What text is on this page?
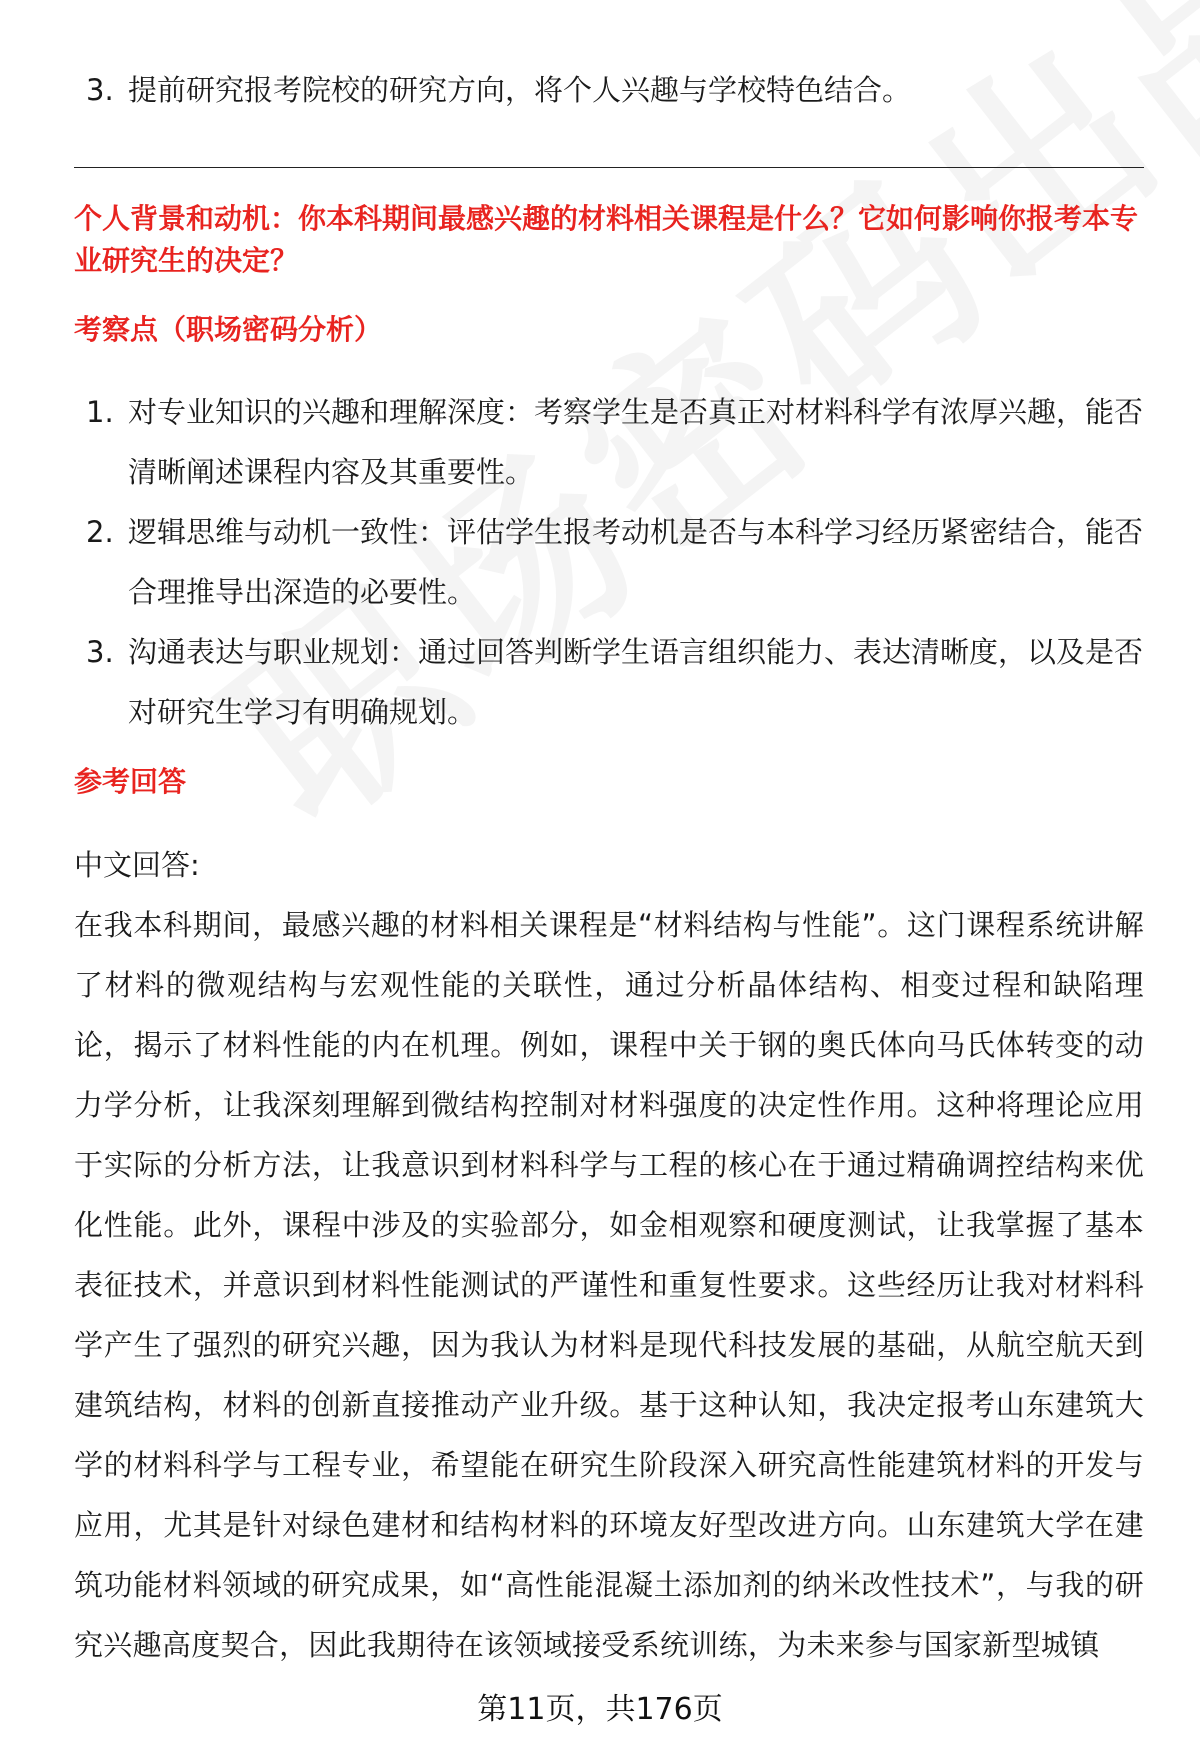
3. 提前研究报考院校的研究方向，将个人兴趣与学校特色结合。
个人背景和动机：你本科期间最感兴趣的材料相关课程是什么？它如何影响你报考本专业研究生的决定？
考察点（职场密码分析）
1. 对专业知识的兴趣和理解深度：考察学生是否真正对材料科学有浓厚兴趣，能否清晰阐述课程内容及其重要性。
2. 逻辑思维与动机一致性：评估学生报考动机是否与本科学习经历紧密结合，能否合理推导出深造的必要性。
3. 沟通表达与职业规划：通过回答判断学生语言组织能力、表达清晰度，以及是否对研究生学习有明确规划。
参考回答
中文回答:
在我本科期间，最感兴趣的材料相关课程是“材料结构与性能”。这门课程系统讲解了材料的微观结构与宏观性能的关联性，通过分析晶体结构、相变过程和缺陷理论，揭示了材料性能的内在机理。例如，课程中关于钢的奥氏体向马氏体转变的动力学分析，让我深刻理解到微结构控制对材料强度的决定性作用。这种将理论应用于实际的分析方法，让我意识到材料科学与工程的核心在于通过精确调控结构来优化性能。此外，课程中涉及的实验部分，如金相观察和硬度测试，让我掌握了基本表征技术，并意识到材料性能测试的严谨性和重复性要求。这些经历让我对材料科学产生了强烈的研究兴趣，因为我认为材料是现代科技发展的基础，从航空航天到建筑结构，材料的创新直接推动产业升级。基于这种认知，我决定报考山东建筑大学的材料科学与工程专业，希望能在研究生阶段深入研究高性能建筑材料的开发与应用，尤其是针对绿色建材和结构材料的环境友好型改进方向。山东建筑大学在建筑功能材料领域的研究成果，如“高性能混凝土添加剂的纳米改性技术”，与我的研究兴趣高度契合，因此我期待在该领域接受系统训练，为未来参与国家新型城镇
第11页，共176页
